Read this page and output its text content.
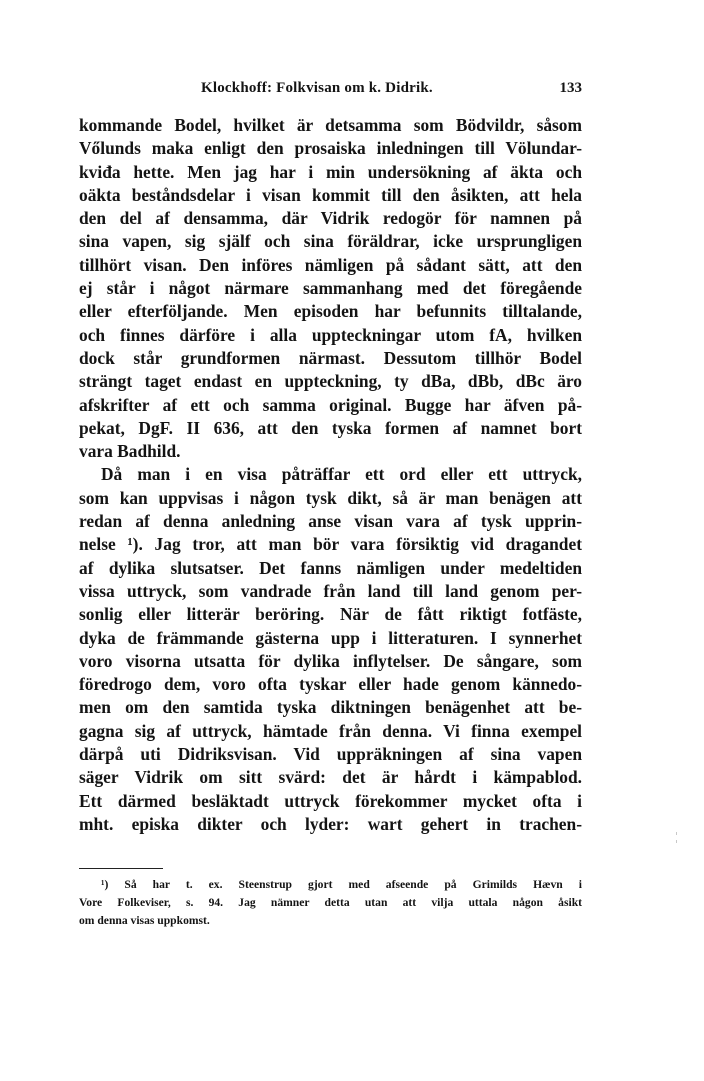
Klockhoff: Folkvisan om k. Didrik.	133
kommande Bodel, hvilket är detsamma som Bödvildr, såsom
Vőlunds maka enligt den prosaiska inledningen till Völundar-
kviđa hette. Men jag har i min undersökning af äkta och
oäkta beståndsdelar i visan kommit till den åsikten, att hela
den del af densamma, där Vidrik redogör för namnen på
sina vapen, sig själf och sina föräldrar, icke ursprungligen
tillhört visan. Den införes nämligen på sådant sätt, att den
ej står i något närmare sammanhang med det föregående
eller efterföljande. Men episoden har befunnits tilltalande,
och finnes därföre i alla uppteckningar utom fA, hvilken
dock står grundformen närmast. Dessutom tillhör Bodel
strängt taget endast en uppteckning, ty dBa, dBb, dBc äro
afskrifter af ett och samma original. Bugge har äfven på-
pekat, DgF. II 636, att den tyska formen af namnet bort
vara Badhild.
Då man i en visa påträffar ett ord eller ett uttryck,
som kan uppvisas i någon tysk dikt, så är man benägen att
redan af denna anledning anse visan vara af tysk upprin-
nelse ¹). Jag tror, att man bör vara försiktig vid dragandet
af dylika slutsatser. Det fanns nämligen under medeltiden
vissa uttryck, som vandrade från land till land genom per-
sonlig eller litterär beröring. När de fått riktigt fotfäste,
dyka de främmande gästerna upp i litteraturen. I synnerhet
voro visorna utsatta för dylika inflytelser. De sångare, som
föredrogo dem, voro ofta tyskar eller hade genom kännedo-
men om den samtida tyska diktningen benägenhet att be-
gagna sig af uttryck, hämtade från denna. Vi finna exempel
därpå uti Didriksvisan. Vid uppräkningen af sina vapen
säger Vidrik om sitt svärd: det är hårdt i kämpablod.
Ett därmed besläktadt uttryck förekommer mycket ofta i
mht. episka dikter och lyder: wart gehert in trachen-
¹) Så har t. ex. Steenstrup gjort med afseende på Grimilds Hævn i
Vore Folkeviser, s. 94. Jag nämner detta utan att vilja uttala någon åsikt
om denna visas uppkomst.
